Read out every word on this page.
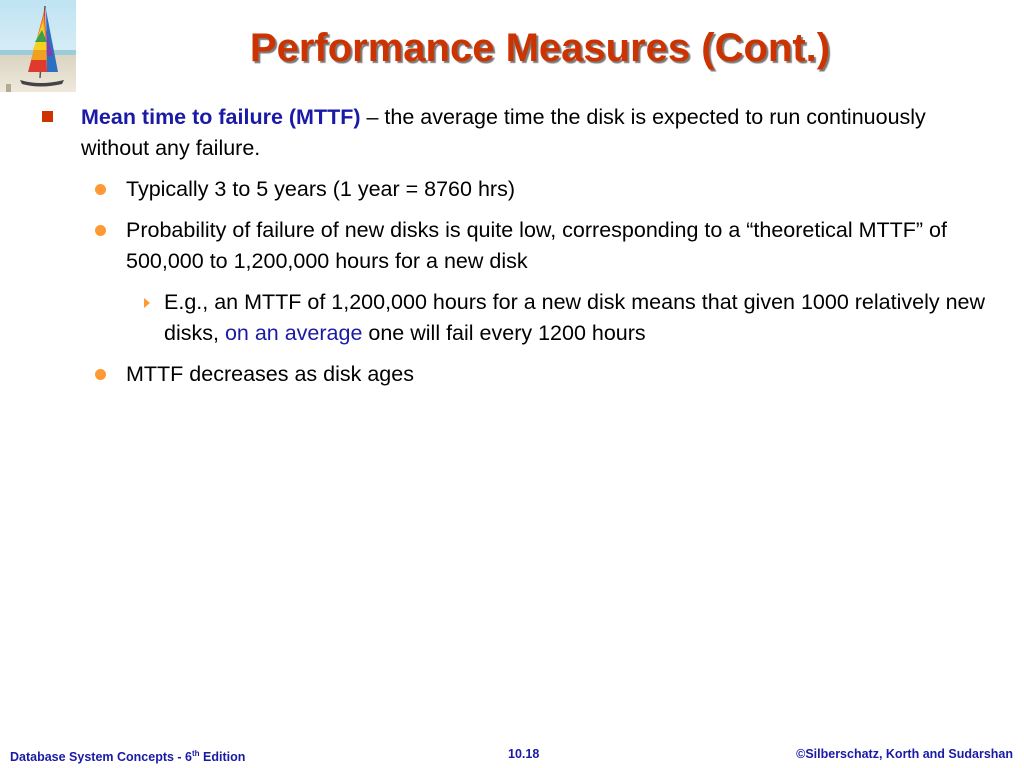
Performance Measures (Cont.)
Mean time to failure (MTTF) – the average time the disk is expected to run continuously without any failure.
Typically 3 to 5 years (1 year = 8760 hrs)
Probability of failure of new disks is quite low, corresponding to a “theoretical MTTF” of 500,000 to 1,200,000 hours for a new disk
E.g., an MTTF of 1,200,000 hours for a new disk means that given 1000 relatively new disks, on an average one will fail every 1200 hours
MTTF decreases as disk ages
Database System Concepts - 6th Edition	10.18	©Silberschatz, Korth and Sudarshan
